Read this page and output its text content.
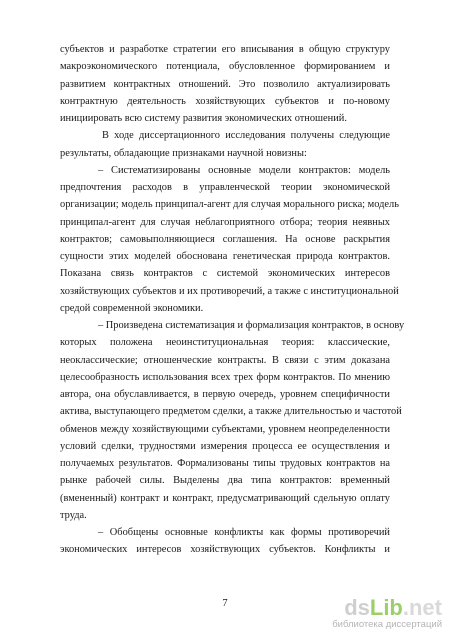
субъектов и разработке стратегии его вписывания в общую структуру
макроэкономического потенциала, обусловленное формированием и
развитием контрактных отношений. Это позволило актуализировать
контрактную деятельность хозяйствующих субъектов и по-новому
инициировать всю систему развития экономических отношений.
В ходе диссертационного исследования получены следующие
результаты, обладающие признаками научной новизны:
– Систематизированы основные модели контрактов: модель
предпочтения расходов в управленческой теории экономической
организации; модель принципал-агент для случая морального риска; модель
принципал-агент для случая неблагоприятного отбора; теория неявных
контрактов; самовыполняющиеся соглашения. На основе раскрытия
сущности этих моделей обоснована генетическая природа контрактов.
Показана связь контрактов с системой экономических интересов
хозяйствующих субъектов и их противоречий, а также с институциональной
средой современной экономики.
– Произведена систематизация и формализация контрактов, в основу
которых положена неоинституциональная теория: классические,
неоклассические; отношенческие контракты. В связи с этим доказана
целесообразность использования всех трех форм контрактов. По мнению
автора, она обуславливается, в первую очередь, уровнем специфичности
актива, выступающего предметом сделки, а также длительностью и частотой
обменов между хозяйствующими субъектами, уровнем неопределенности
условий сделки, трудностями измерения процесса ее осуществления и
получаемых результатов. Формализованы типы трудовых контрактов на
рынке рабочей силы. Выделены два типа контрактов: временный
(вмененный) контракт и контракт, предусматривающий сдельную оплату
труда.
– Обобщены основные конфликты как формы противоречий
экономических интересов хозяйствующих субъектов. Конфликты и
7	dsLib.net
библиотека диссертаций
